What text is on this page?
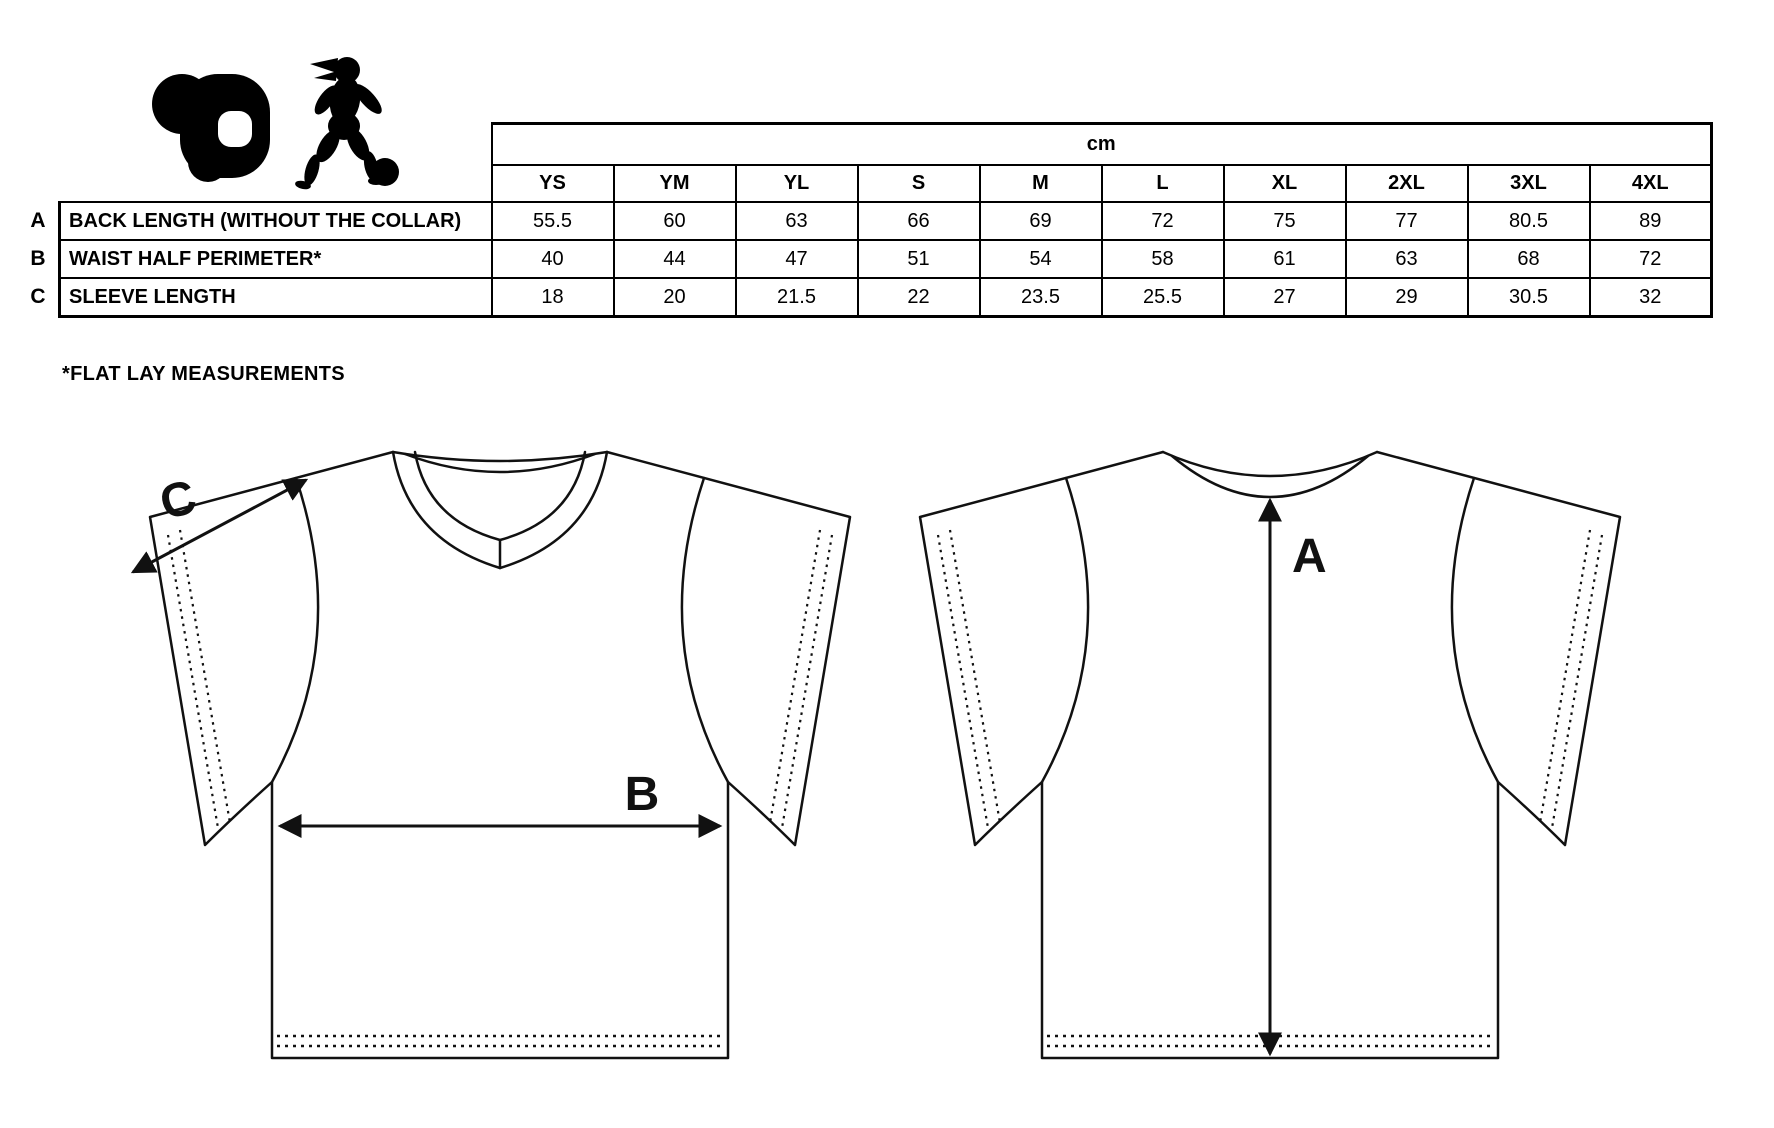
	cm									
	YS	YM	YL	S	M	L	XL	2XL	3XL	4XL
BACK LENGTH (WITHOUT THE COLLAR)	55.5	60	63	66	69	72	75	77	80.5	89
WAIST HALF PERIMETER*	40	44	47	51	54	58	61	63	68	72
SLEEVE LENGTH	18	20	21.5	22	23.5	25.5	27	29	30.5	32
A
B
C
*FLAT LAY MEASUREMENTS
C
B
A
